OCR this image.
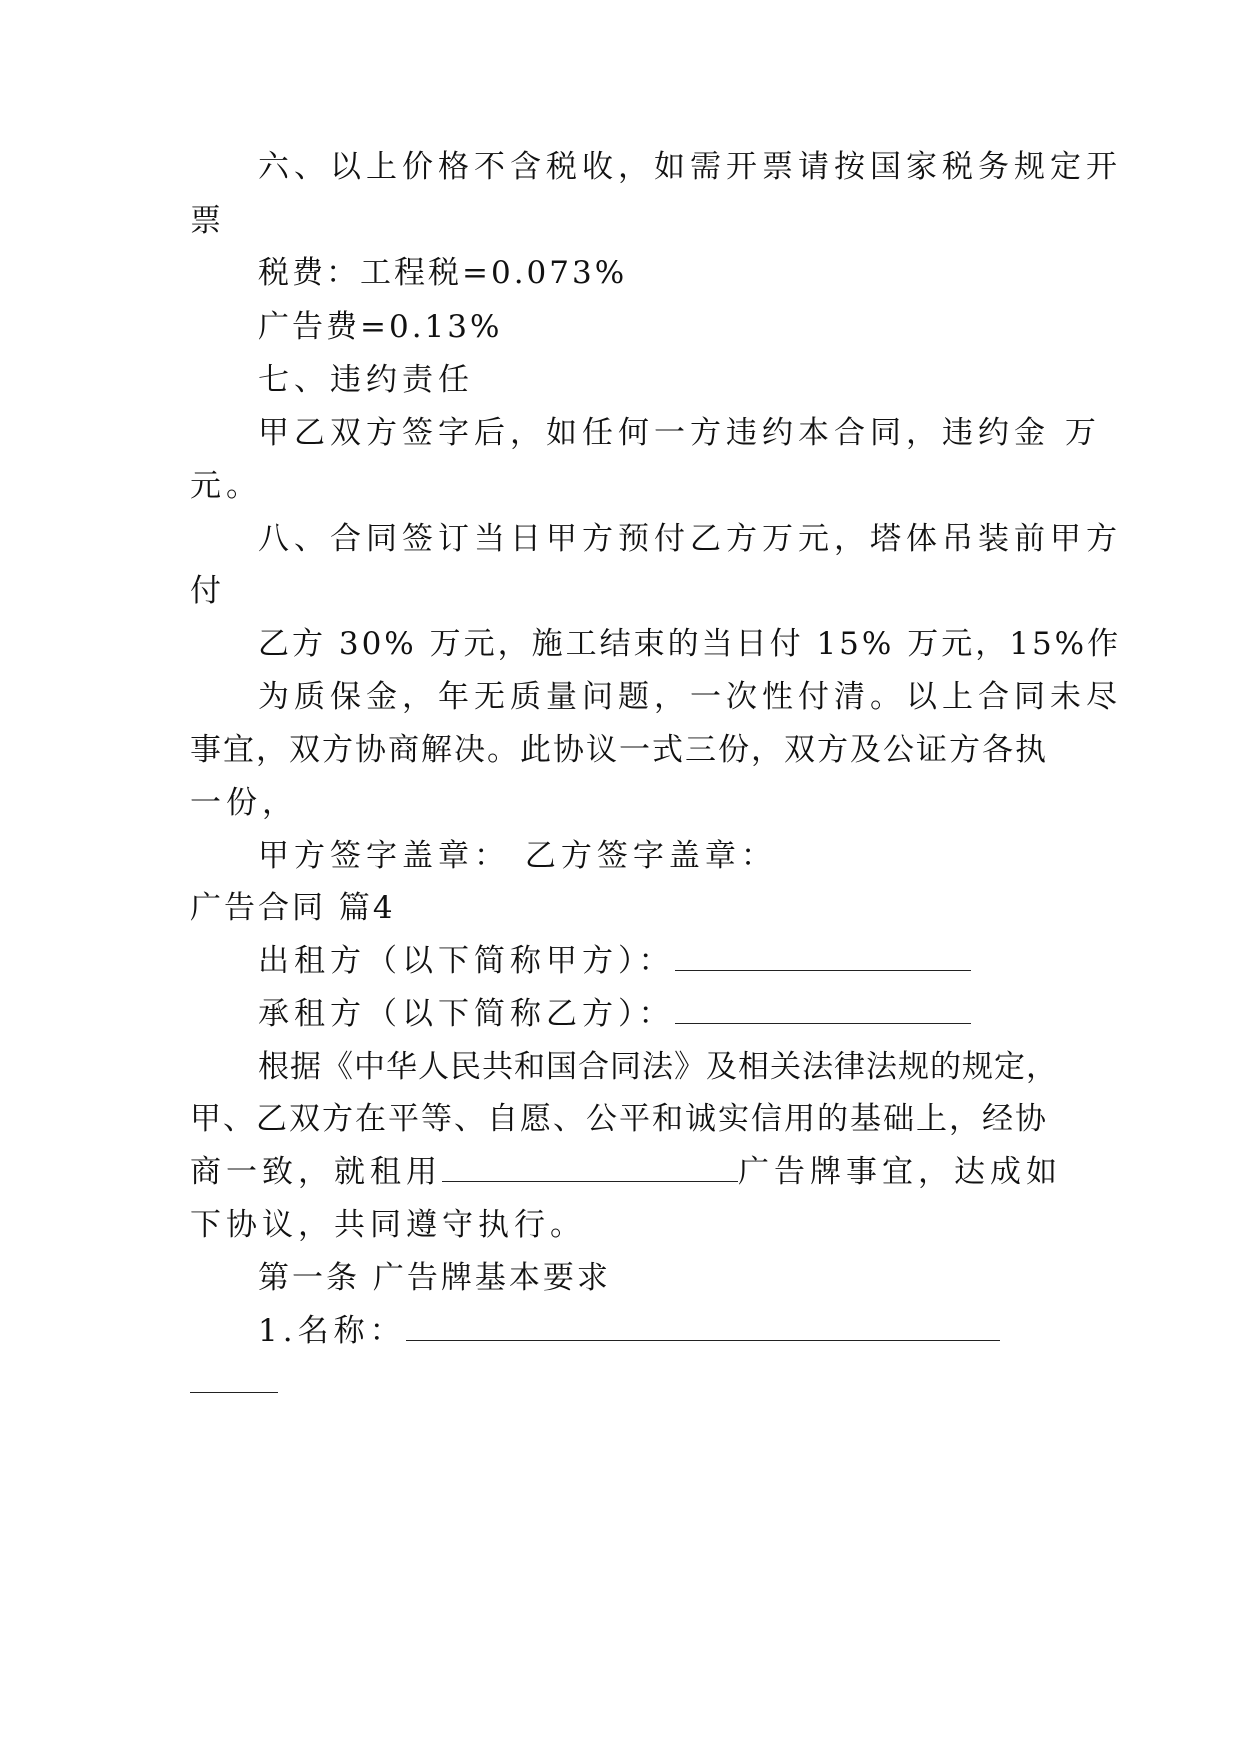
六、以上价格不含税收，如需开票请按国家税务规定开
票
税费：工程税=0.073%
广告费=0.13%
七、违约责任
甲乙双方签字后，如任何一方违约本合同，违约金 万
元。
八、合同签订当日甲方预付乙方万元，塔体吊装前甲方
付
乙方 30% 万元，施工结束的当日付 15% 万元，15%作
为质保金，年无质量问题，一次性付清。以上合同未尽
事宜，双方协商解决。此协议一式三份，双方及公证方各执
一份，
甲方签字盖章： 乙方签字盖章：
广告合同 篇4
出租方（以下简称甲方）：
承租方（以下简称乙方）：
根据《中华人民共和国合同法》及相关法律法规的规定，
甲、乙双方在平等、自愿、公平和诚实信用的基础上，经协
商一致，就租用	广告牌事宜，达成如
下协议，共同遵守执行。
第一条 广告牌基本要求
1.名称：
